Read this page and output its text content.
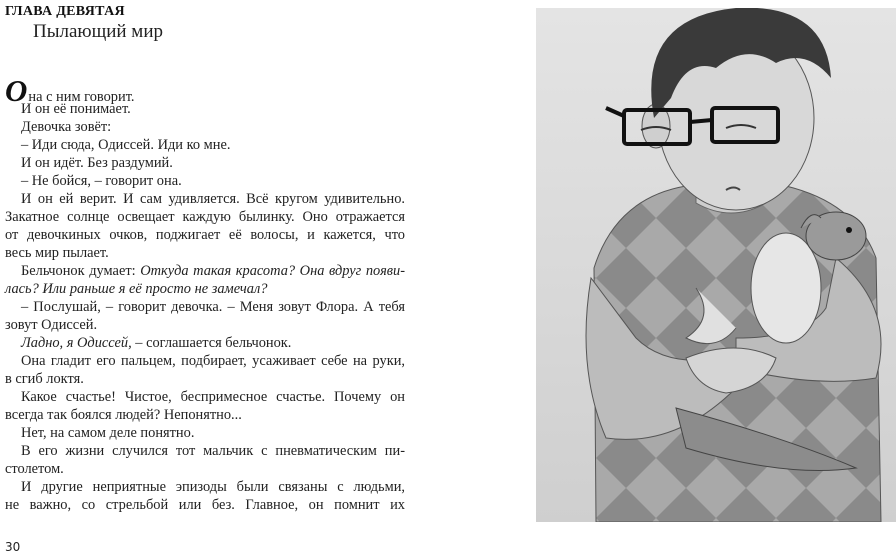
ГЛАВА ДЕВЯТАЯ
Пылающий мир
Она с ним говорит.
И он её понимает.
Девочка зовёт:
– Иди сюда, Одиссей. Иди ко мне.
И он идёт. Без раздумий.
– Не бойся, – говорит она.
И он ей верит. И сам удивляется. Всё кругом удивительно.
Закатное солнце освещает каждую былинку. Оно отражается
от девочкиных очков, поджигает её волосы, и кажется, что
весь мир пылает.
Бельчонок думает: Откуда такая красота? Она вдруг появи-
лась? Или раньше я её просто не замечал?
– Послушай, – говорит девочка. – Меня зовут Флора. А тебя
зовут Одиссей.
Ладно, я Одиссей, – соглашается бельчонок.
Она гладит его пальцем, подбирает, усаживает себе на руки,
в сгиб локтя.
Какое счастье! Чистое, беспримесное счастье. Почему он
всегда так боялся людей? Непонятно...
Нет, на самом деле понятно.
В его жизни случился тот мальчик с пневматическим пи-
столетом.
И другие неприятные эпизоды были связаны с людьми,
не важно, со стрельбой или без. Главное, он помнит их
30
